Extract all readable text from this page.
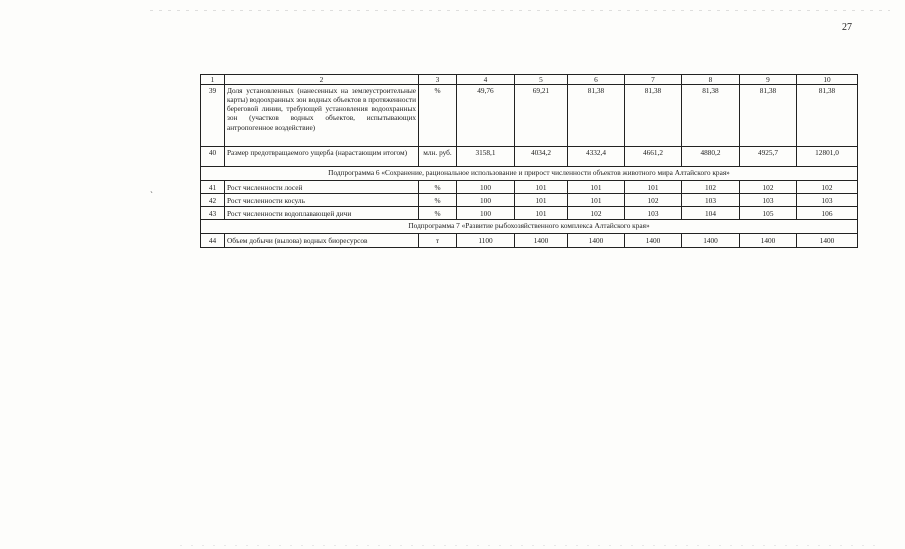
27
`
1	2	3	4	5	6	7	8	9	10
39	Доля установленных (нанесенных на землеустроительные карты) водоохранных зон водных объектов в протяженности береговой линии, требующей установления водоохранных зон (участков водных объектов, испытывающих антропогенное воздействие)	%	49,76	69,21	81,38	81,38	81,38	81,38	81,38
40	Размер предотвращаемого ущерба (нарастающим итогом)	млн. руб.	3158,1	4034,2	4332,4	4661,2	4880,2	4925,7	12801,0
Подпрограмма 6 «Сохранение, рациональное использование и прирост численности объектов животного мира Алтайского края»									
41	Рост численности лосей	%	100	101	101	101	102	102	102
42	Рост численности косуль	%	100	101	101	102	103	103	103
43	Рост численности водоплавающей дичи	%	100	101	102	103	104	105	106
Подпрограмма 7 «Развитие рыбохозяйственного комплекса Алтайского края»									
44	Объем добычи (вылова) водных биоресурсов	т	1100	1400	1400	1400	1400	1400	1400
